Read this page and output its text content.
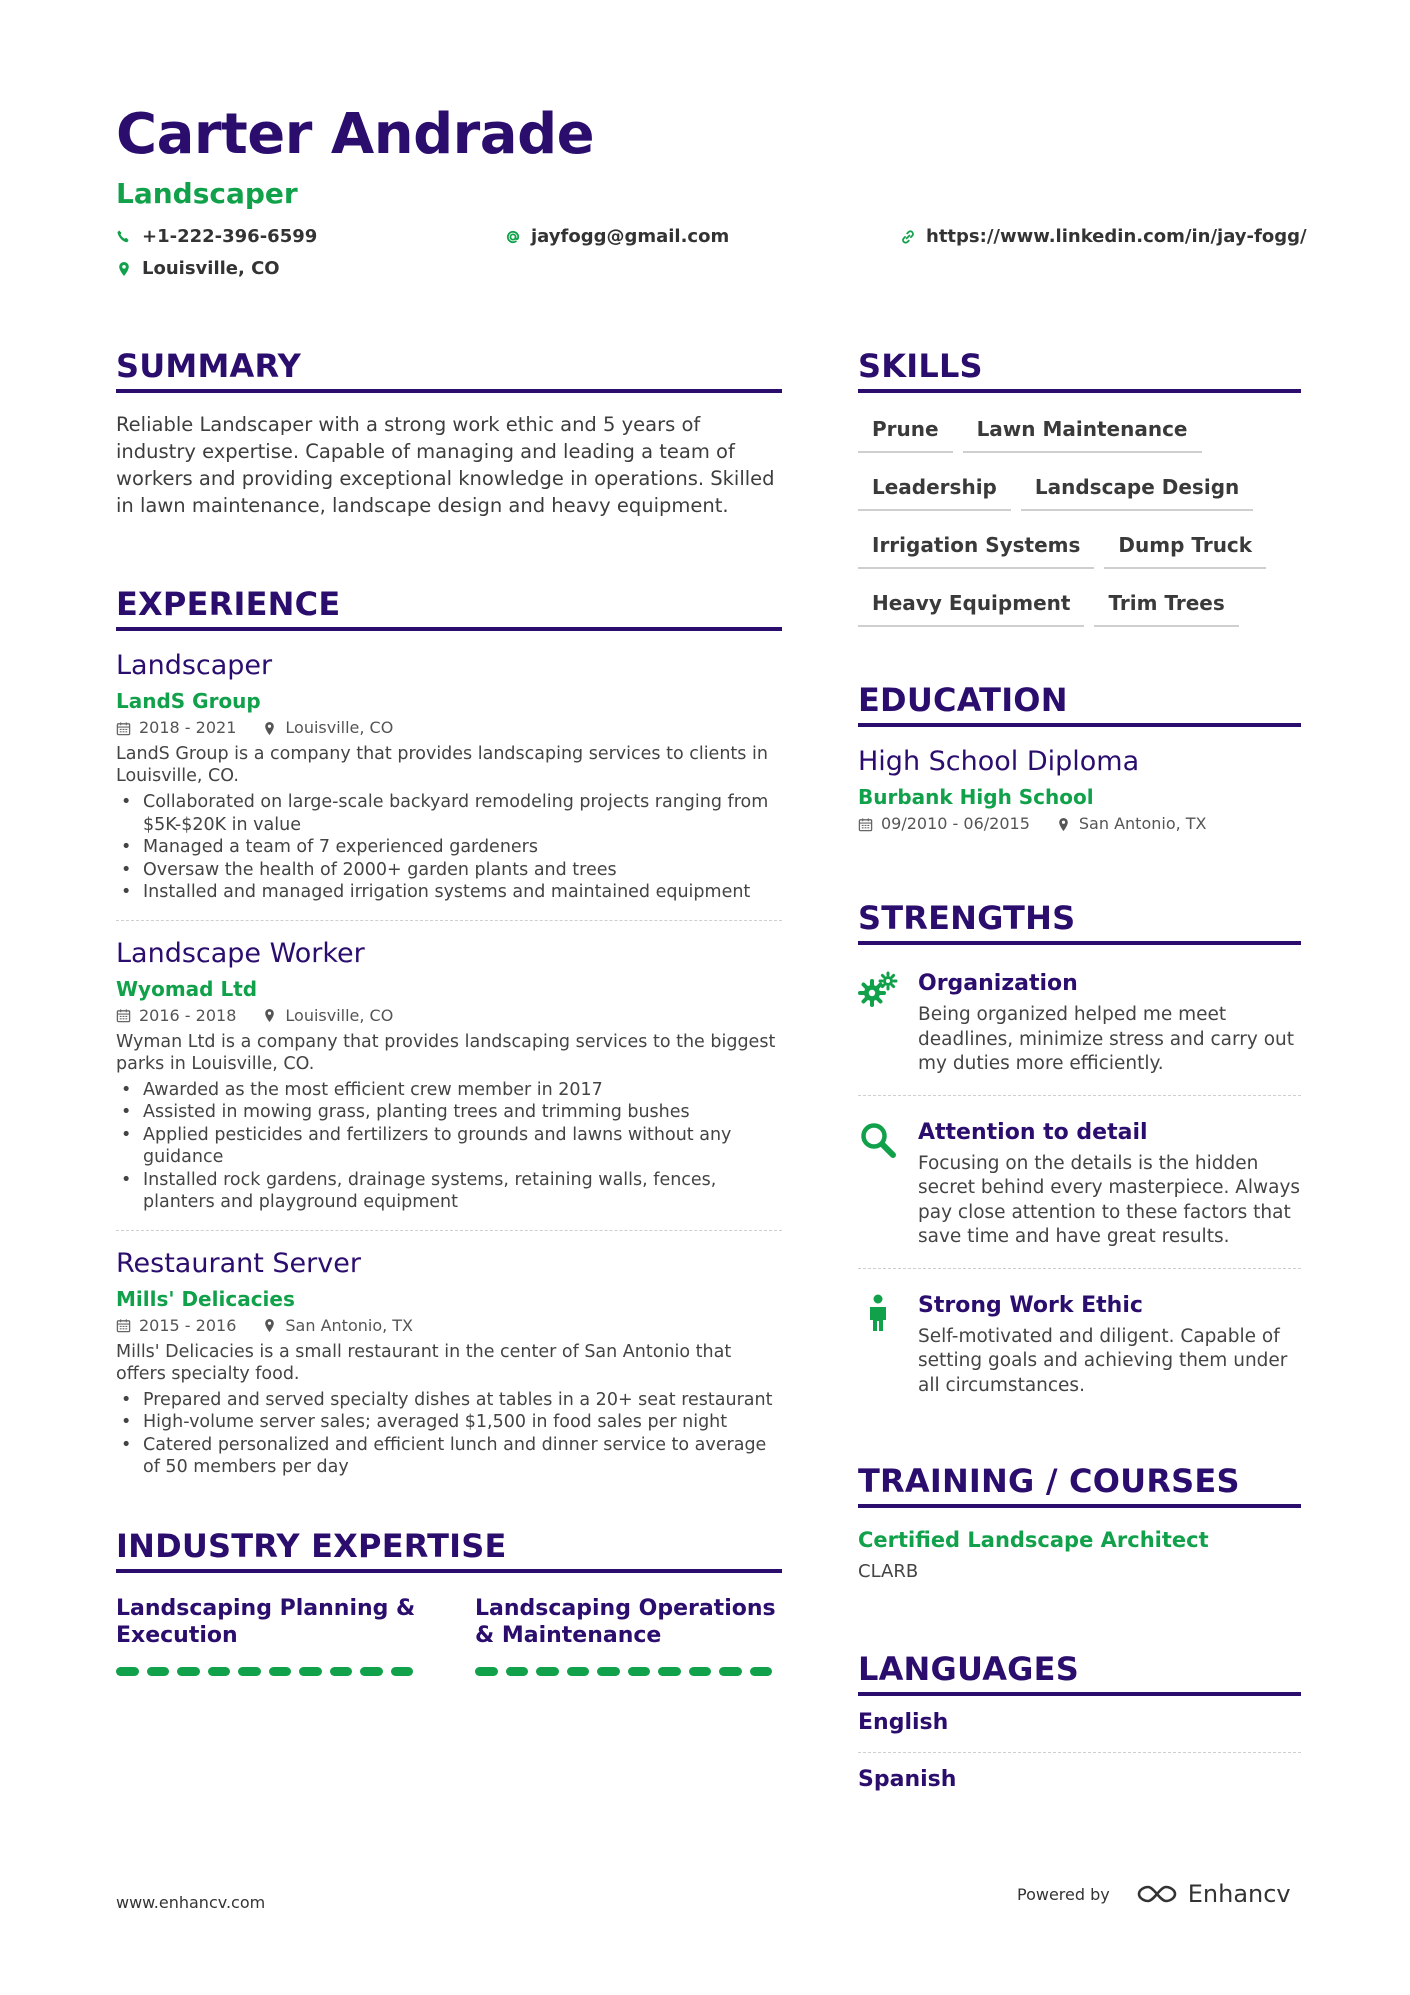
Carter Andrade
Landscaper
+1-222-396-6599	jayfogg@gmail.com	https://www.linkedin.com/in/jay-fogg/
Louisville, CO
SUMMARY
Reliable Landscaper with a strong work ethic and 5 years of industry expertise. Capable of managing and leading a team of workers and providing exceptional knowledge in operations. Skilled in lawn maintenance, landscape design and heavy equipment.
EXPERIENCE
Landscaper
LandS Group
2018 - 2021	Louisville, CO
LandS Group is a company that provides landscaping services to clients in Louisville, CO.
• Collaborated on large-scale backyard remodeling projects ranging from $5K-$20K in value
• Managed a team of 7 experienced gardeners
• Oversaw the health of 2000+ garden plants and trees
• Installed and managed irrigation systems and maintained equipment
Landscape Worker
Wyomad Ltd
2016 - 2018	Louisville, CO
Wyman Ltd is a company that provides landscaping services to the biggest parks in Louisville, CO.
• Awarded as the most efficient crew member in 2017
• Assisted in mowing grass, planting trees and trimming bushes
• Applied pesticides and fertilizers to grounds and lawns without any guidance
• Installed rock gardens, drainage systems, retaining walls, fences, planters and playground equipment
Restaurant Server
Mills' Delicacies
2015 - 2016	San Antonio, TX
Mills' Delicacies is a small restaurant in the center of San Antonio that offers specialty food.
• Prepared and served specialty dishes at tables in a 20+ seat restaurant
• High-volume server sales; averaged $1,500 in food sales per night
• Catered personalized and efficient lunch and dinner service to average of 50 members per day
INDUSTRY EXPERTISE
Landscaping Planning & Execution
Landscaping Operations & Maintenance
SKILLS
Prune	Lawn Maintenance
Leadership	Landscape Design
Irrigation Systems	Dump Truck
Heavy Equipment	Trim Trees
EDUCATION
High School Diploma
Burbank High School
09/2010 - 06/2015	San Antonio, TX
STRENGTHS
Organization
Being organized helped me meet deadlines, minimize stress and carry out my duties more efficiently.
Attention to detail
Focusing on the details is the hidden secret behind every masterpiece. Always pay close attention to these factors that save time and have great results.
Strong Work Ethic
Self-motivated and diligent. Capable of setting goals and achieving them under all circumstances.
TRAINING / COURSES
Certified Landscape Architect
CLARB
LANGUAGES
English
Spanish
www.enhancv.com	Powered by	Enhancv
